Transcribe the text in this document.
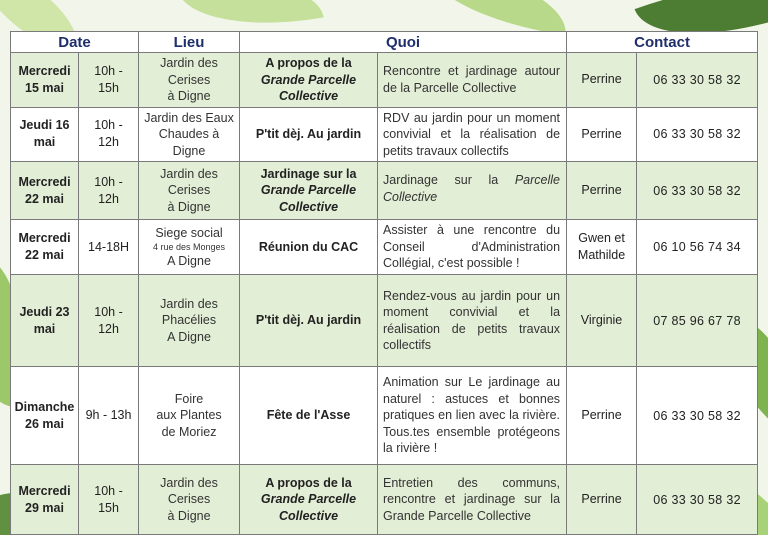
Date		Lieu	Quoi		Contact	
Mercredi
15 mai	10h -
15h	Jardin des
Cerises
à Digne	A propos de la
Grande Parcelle
Collective	Rencontre et jardinage autour de la Parcelle Collective	Perrine	06 33 30 58 32
Jeudi 16
mai	10h -
12h	Jardin des Eaux
Chaudes à
Digne	P'tit dèj. Au jardin	RDV au jardin pour un moment convivial et la réalisation de petits travaux collectifs	Perrine	06 33 30 58 32
Mercredi
22 mai	10h -
12h	Jardin des
Cerises
à Digne	Jardinage sur la
Grande Parcelle
Collective	Jardinage sur la Parcelle Collective	Perrine	06 33 30 58 32
Mercredi
22 mai	14-18H	Siege social
4 rue des Monges
A Digne	Réunion du CAC	Assister à une rencontre du Conseil d'Administration Collégial, c'est possible !	Gwen et
Mathilde	06 10 56 74 34
Jeudi 23
mai	10h -
12h	Jardin des
Phacélies
A Digne	P'tit dèj. Au jardin	Rendez-vous au jardin pour un moment convivial et la réalisation de petits travaux collectifs	Virginie	07 85 96 67 78
Dimanche
26 mai	9h - 13h	Foire
aux Plantes
de Moriez	Fête de l'Asse	Animation sur Le jardinage au naturel : astuces et bonnes pratiques en lien avec la rivière. Tous.tes ensemble protégeons la rivière !	Perrine	06 33 30 58 32
Mercredi
29 mai	10h -
15h	Jardin des
Cerises
à Digne	A propos de la
Grande Parcelle
Collective	Entretien des communs, rencontre et jardinage sur la Grande Parcelle Collective	Perrine	06 33 30 58 32
